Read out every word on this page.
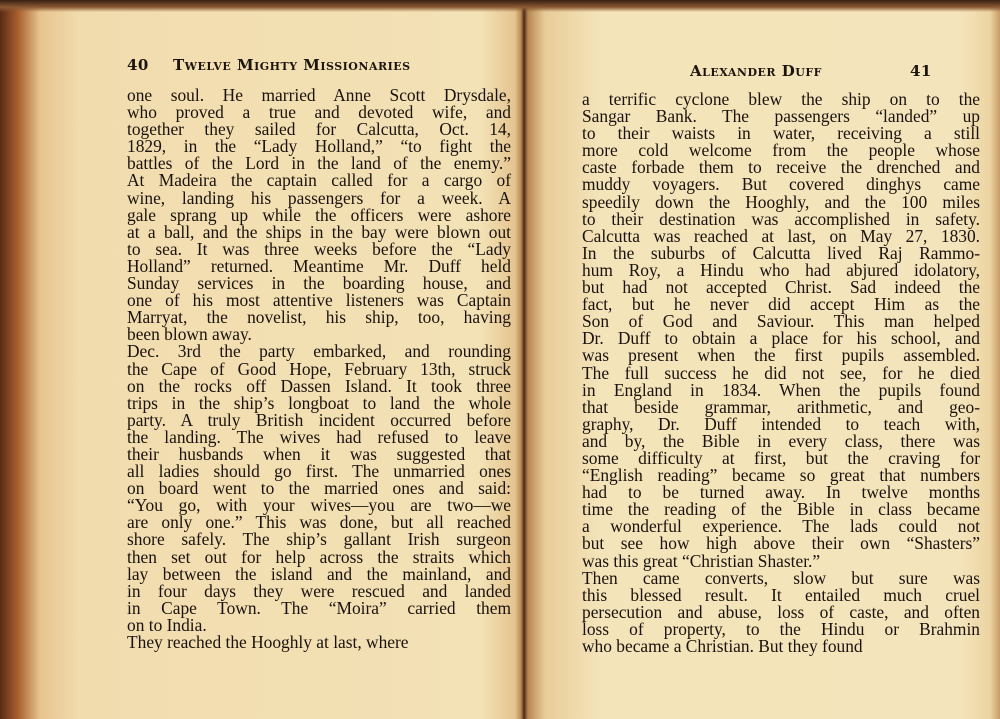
40 Twelve Mighty Missionaries
one soul. He married Anne Scott Drysdale,
who proved a true and devoted wife, and
together they sailed for Calcutta, Oct. 14,
1829, in the “Lady Holland,” “to fight the
battles of the Lord in the land of the enemy.”
At Madeira the captain called for a cargo of
wine, landing his passengers for a week. A
gale sprang up while the officers were ashore
at a ball, and the ships in the bay were blown out
to sea. It was three weeks before the “Lady
Holland” returned. Meantime Mr. Duff held
Sunday services in the boarding house, and
one of his most attentive listeners was Captain
Marryat, the novelist, his ship, too, having
been blown away.
Dec. 3rd the party embarked, and rounding
the Cape of Good Hope, February 13th, struck
on the rocks off Dassen Island. It took three
trips in the ship’s longboat to land the whole
party. A truly British incident occurred before
the landing. The wives had refused to leave
their husbands when it was suggested that
all ladies should go first. The unmarried ones
on board went to the married ones and said:
“You go, with your wives—you are two—we
are only one.” This was done, but all reached
shore safely. The ship’s gallant Irish surgeon
then set out for help across the straits which
lay between the island and the mainland, and
in four days they were rescued and landed
in Cape Town. The “Moira” carried them
on to India.
They reached the Hooghly at last, where
Alexander Duff	41
a terrific cyclone blew the ship on to the
Sangar Bank. The passengers “landed” up
to their waists in water, receiving a still
more cold welcome from the people whose
caste forbade them to receive the drenched and
muddy voyagers. But covered dinghys came
speedily down the Hooghly, and the 100 miles
to their destination was accomplished in safety.
Calcutta was reached at last, on May 27, 1830.
In the suburbs of Calcutta lived Raj Rammo-
hum Roy, a Hindu who had abjured idolatory,
but had not accepted Christ. Sad indeed the
fact, but he never did accept Him as the
Son of God and Saviour. This man helped
Dr. Duff to obtain a place for his school, and
was present when the first pupils assembled.
The full success he did not see, for he died
in England in 1834. When the pupils found
that beside grammar, arithmetic, and geo-
graphy, Dr. Duff intended to teach with,
and by, the Bible in every class, there was
some difficulty at first, but the craving for
“English reading” became so great that numbers
had to be turned away. In twelve months
time the reading of the Bible in class became
a wonderful experience. The lads could not
but see how high above their own “Shasters”
was this great “Christian Shaster.”
Then came converts, slow but sure was
this blessed result. It entailed much cruel
persecution and abuse, loss of caste, and often
loss of property, to the Hindu or Brahmin
who became a Christian. But they found
